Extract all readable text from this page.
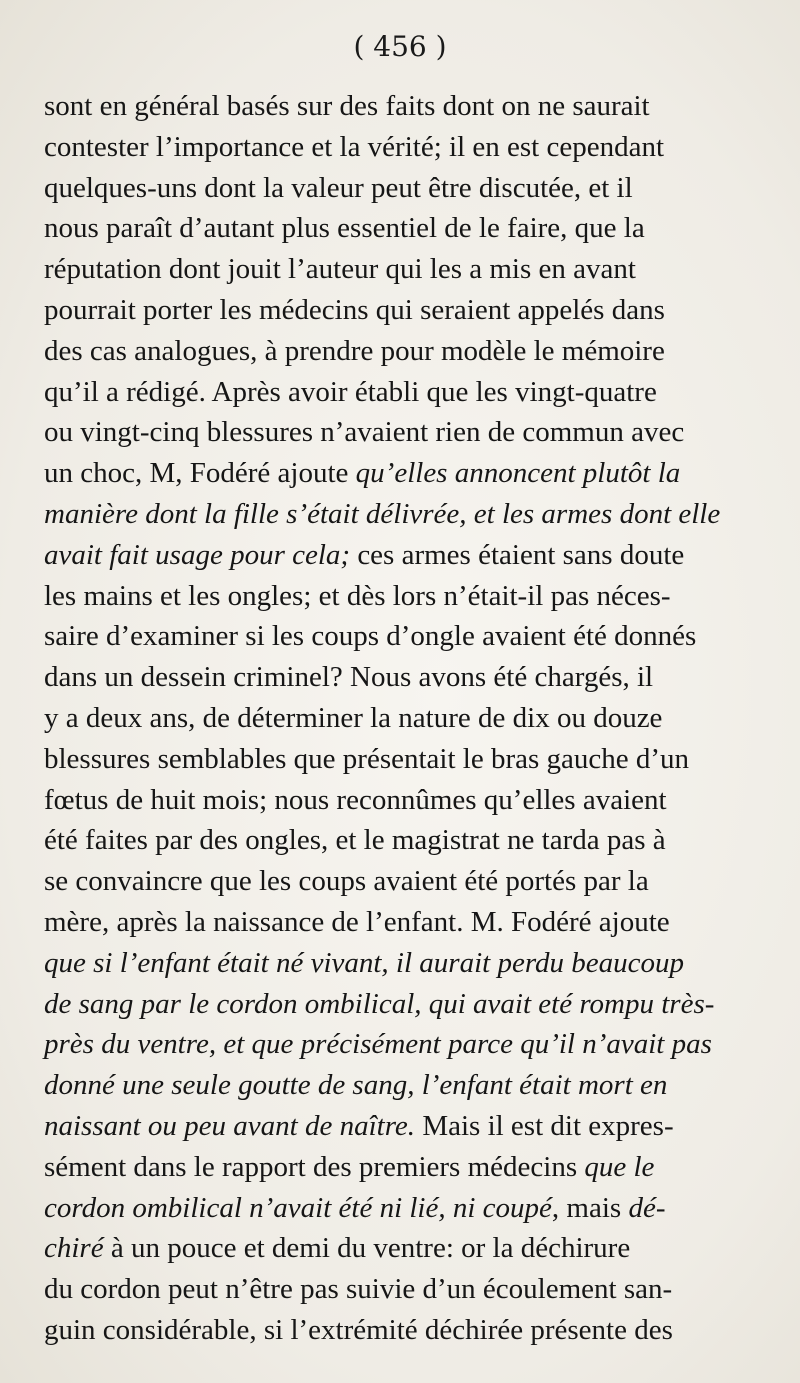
( 456 )
sont en général basés sur des faits dont on ne saurait
contester l’importance et la vérité; il en est cependant
quelques-uns dont la valeur peut être discutée, et il
nous paraît d’autant plus essentiel de le faire, que la
réputation dont jouit l’auteur qui les a mis en avant
pourrait porter les médecins qui seraient appelés dans
des cas analogues, à prendre pour modèle le mémoire
qu’il a rédigé. Après avoir établi que les vingt-quatre
ou vingt-cinq blessures n’avaient rien de commun avec
un choc, M, Fodéré ajoute qu’elles annoncent plutôt la
manière dont la fille s’était délivrée, et les armes dont elle
avait fait usage pour cela; ces armes étaient sans doute
les mains et les ongles; et dès lors n’était-il pas néces-
saire d’examiner si les coups d’ongle avaient été donnés
dans un dessein criminel? Nous avons été chargés, il
y a deux ans, de déterminer la nature de dix ou douze
blessures semblables que présentait le bras gauche d’un
fœtus de huit mois; nous reconnûmes qu’elles avaient
été faites par des ongles, et le magistrat ne tarda pas à
se convaincre que les coups avaient été portés par la
mère, après la naissance de l’enfant. M. Fodéré ajoute
que si l’enfant était né vivant, il aurait perdu beaucoup
de sang par le cordon ombilical, qui avait eté rompu très-
près du ventre, et que précisément parce qu’il n’avait pas
donné une seule goutte de sang, l’enfant était mort en
naissant ou peu avant de naître. Mais il est dit expres-
sément dans le rapport des premiers médecins que le
cordon ombilical n’avait été ni lié, ni coupé, mais dé-
chiré à un pouce et demi du ventre: or la déchirure
du cordon peut n’être pas suivie d’un écoulement san-
guin considérable, si l’extrémité déchirée présente des
